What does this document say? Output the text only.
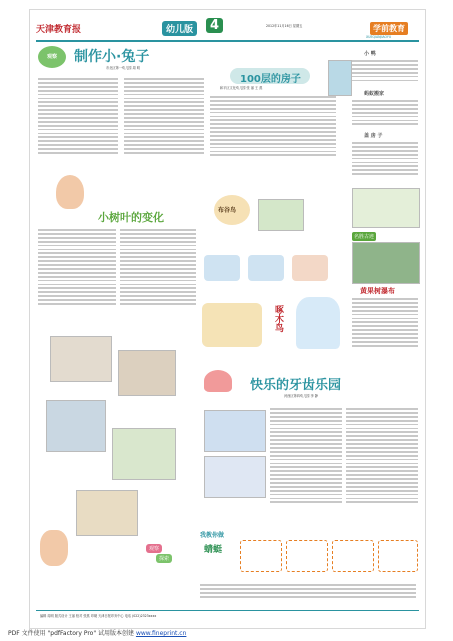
天津教育报	幼儿版	4	2012年11月16日 星期五	学前教育
XUEQIANJIAOYU
观察	制作小·兔子
市北区第一幼儿园 周 明
100层的房子
和平区文化幼儿园 张 丽 王 燕
小 鸭
蚂蚁搬家
盖 房 子
小树叶的变化
布谷鸟
啄木鸟
名胜古迹
黄果树瀑布
观察
探索
快乐的牙齿乐园
河西区第四幼儿园 李 静
我教你做
蜻蜓
编辑 周明 版式设计 王丽 校对 张燕 印刷 天津日报印务中心 电话 (022)2323xxxx
PDF 文件使用 "pdfFactory Pro" 试用版本创建 www.fineprint.cn
